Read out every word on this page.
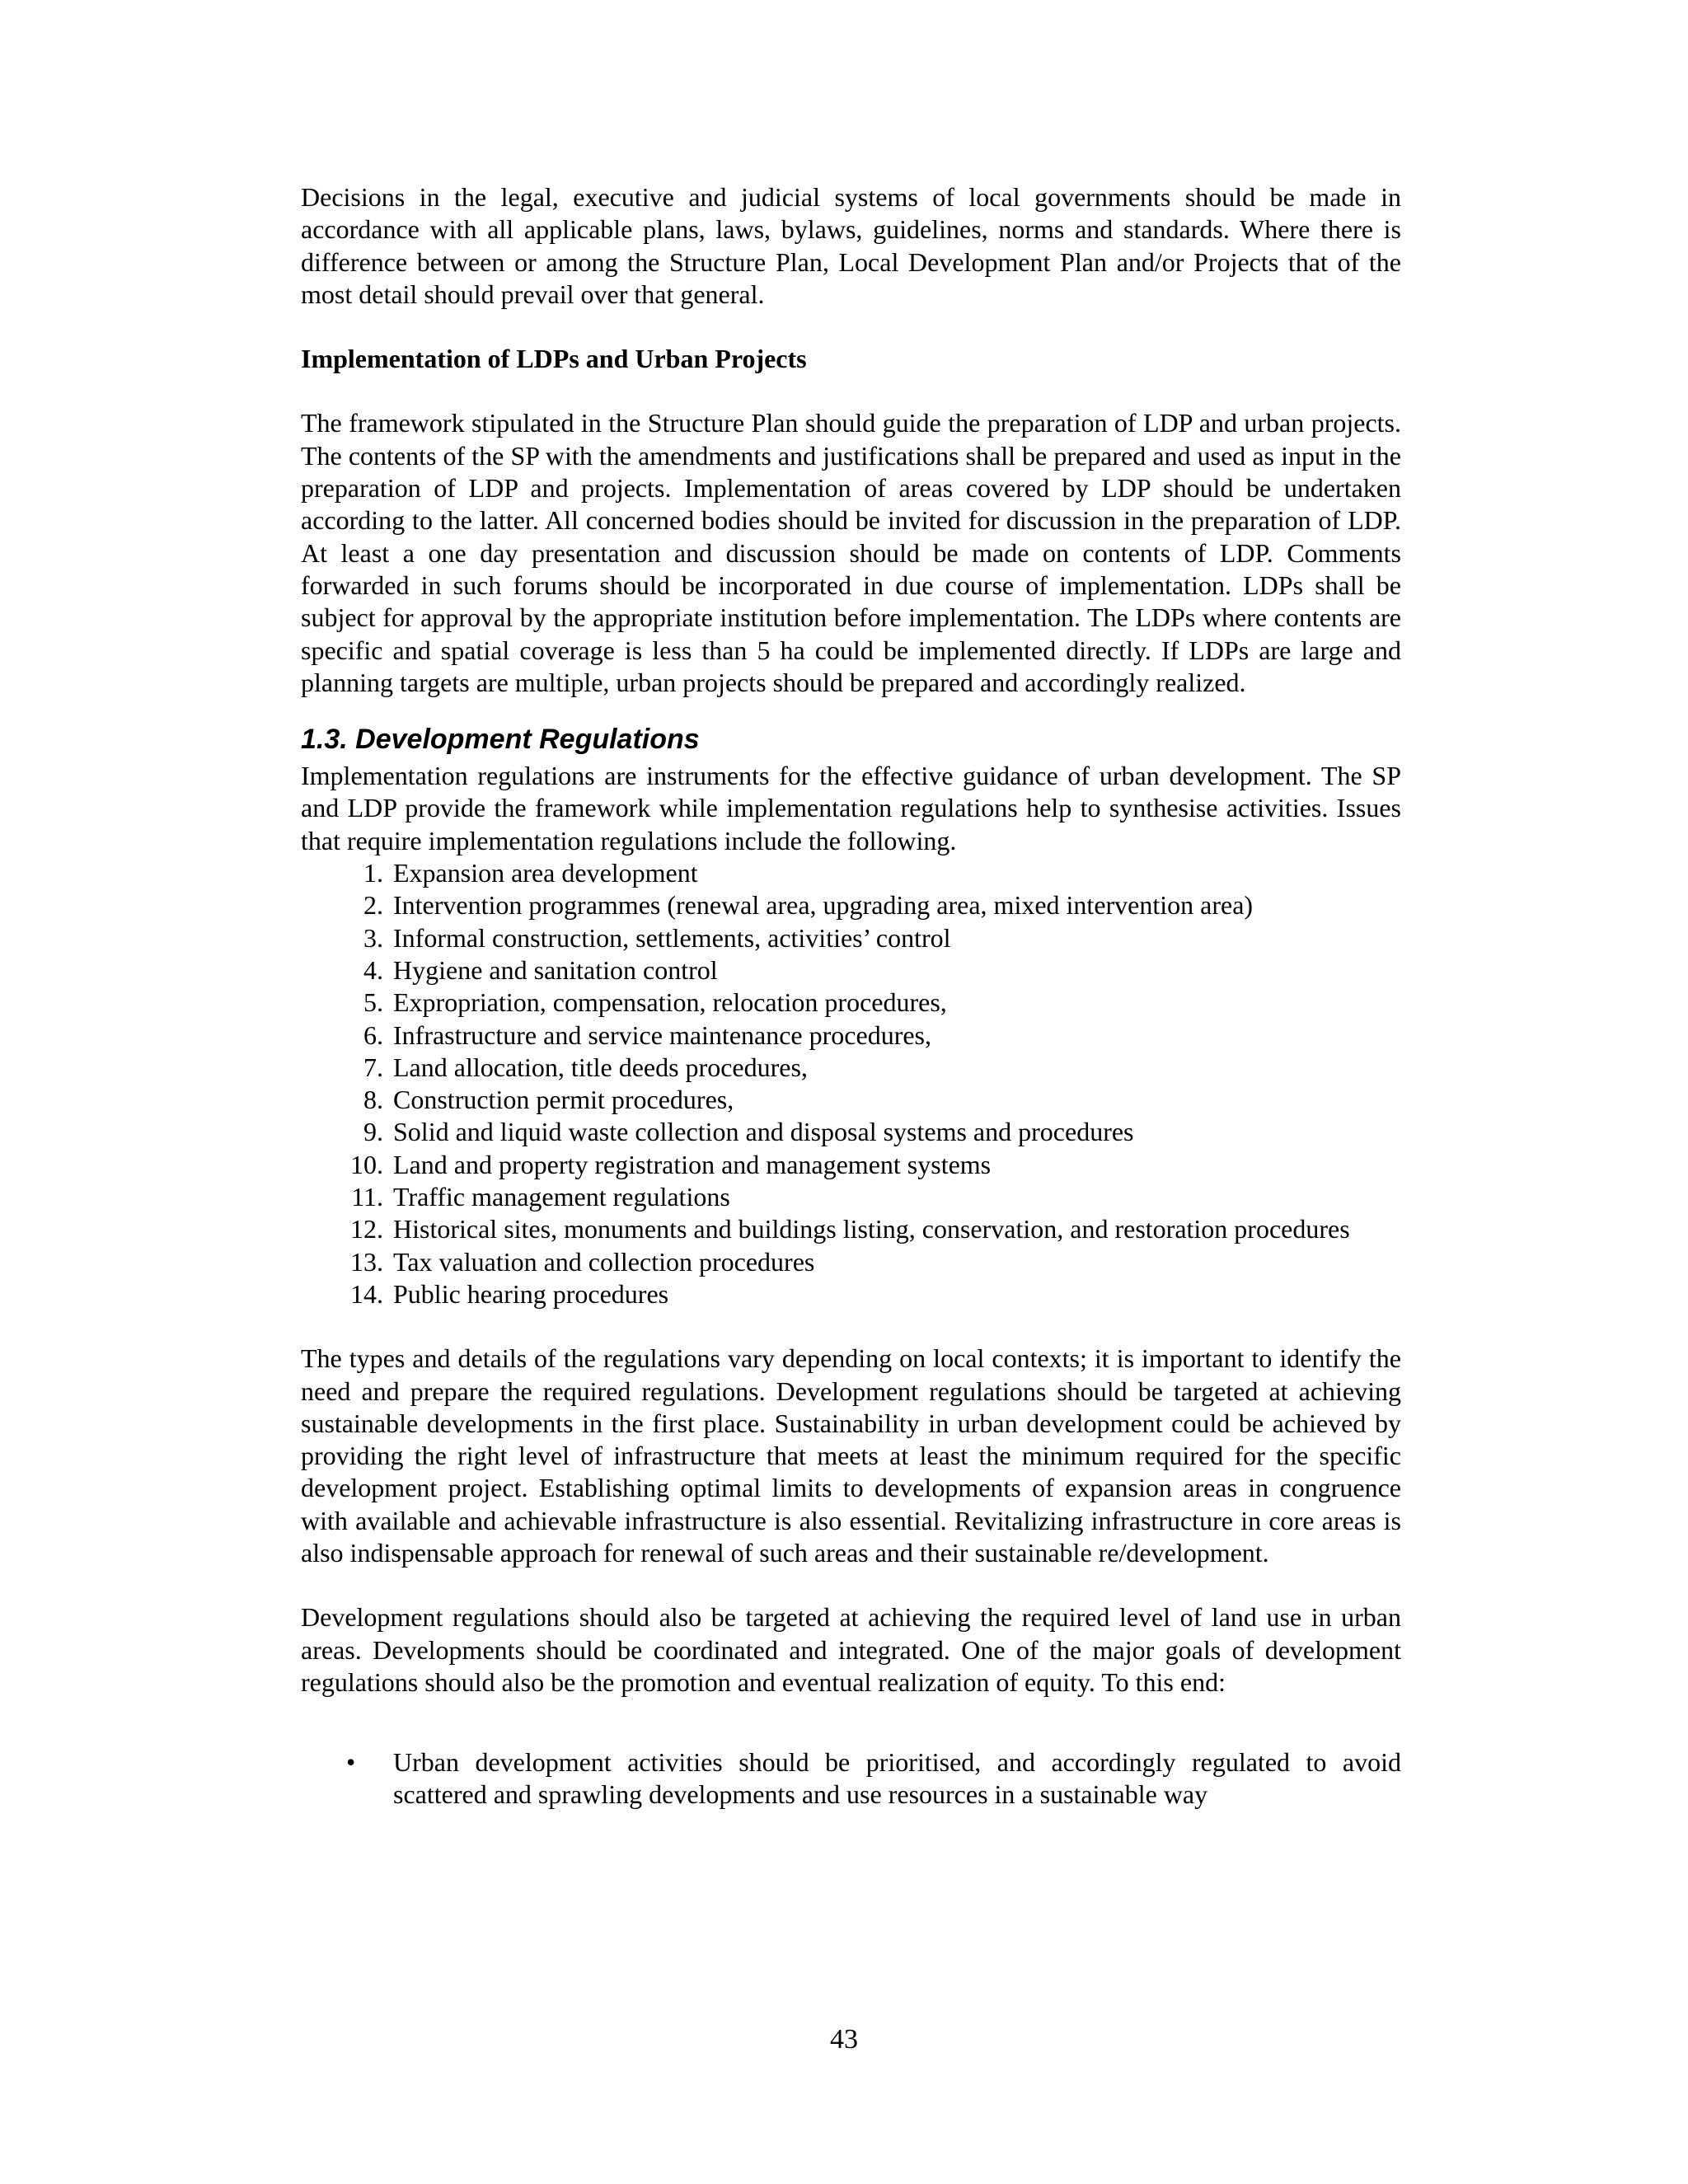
Decisions in the legal, executive and judicial systems of local governments should be made in accordance with all applicable plans, laws, bylaws, guidelines, norms and standards. Where there is difference between or among the Structure Plan, Local Development Plan and/or Projects that of the most detail should prevail over that general.

Implementation of LDPs and Urban Projects

The framework stipulated in the Structure Plan should guide the preparation of LDP and urban projects. The contents of the SP with the amendments and justifications shall be prepared and used as input in the preparation of LDP and projects. Implementation of areas covered by LDP should be undertaken according to the latter. All concerned bodies should be invited for discussion in the preparation of LDP. At least a one day presentation and discussion should be made on contents of LDP. Comments forwarded in such forums should be incorporated in due course of implementation. LDPs shall be subject for approval by the appropriate institution before implementation. The LDPs where contents are specific and spatial coverage is less than 5 ha could be implemented directly. If LDPs are large and planning targets are multiple, urban projects should be prepared and accordingly realized.

1.3. Development Regulations

Implementation regulations are instruments for the effective guidance of urban development. The SP and LDP provide the framework while implementation regulations help to synthesise activities. Issues that require implementation regulations include the following.

1. Expansion area development
2. Intervention programmes (renewal area, upgrading area, mixed intervention area)
3. Informal construction, settlements, activities’ control
4. Hygiene and sanitation control
5. Expropriation, compensation, relocation procedures,
6. Infrastructure and service maintenance procedures,
7. Land allocation, title deeds procedures,
8. Construction permit procedures,
9. Solid and liquid waste collection and disposal systems and procedures
10. Land and property registration and management systems
11. Traffic management regulations
12. Historical sites, monuments and buildings listing, conservation, and restoration procedures
13. Tax valuation and collection procedures
14. Public hearing procedures

The types and details of the regulations vary depending on local contexts; it is important to identify the need and prepare the required regulations. Development regulations should be targeted at achieving sustainable developments in the first place. Sustainability in urban development could be achieved by providing the right level of infrastructure that meets at least the minimum required for the specific development project. Establishing optimal limits to developments of expansion areas in congruence with available and achievable infrastructure is also essential. Revitalizing infrastructure in core areas is also indispensable approach for renewal of such areas and their sustainable re/development.

Development regulations should also be targeted at achieving the required level of land use in urban areas. Developments should be coordinated and integrated. One of the major goals of development regulations should also be the promotion and eventual realization of equity. To this end:

•	Urban development activities should be prioritised, and accordingly regulated to avoid scattered and sprawling developments and use resources in a sustainable way
43
